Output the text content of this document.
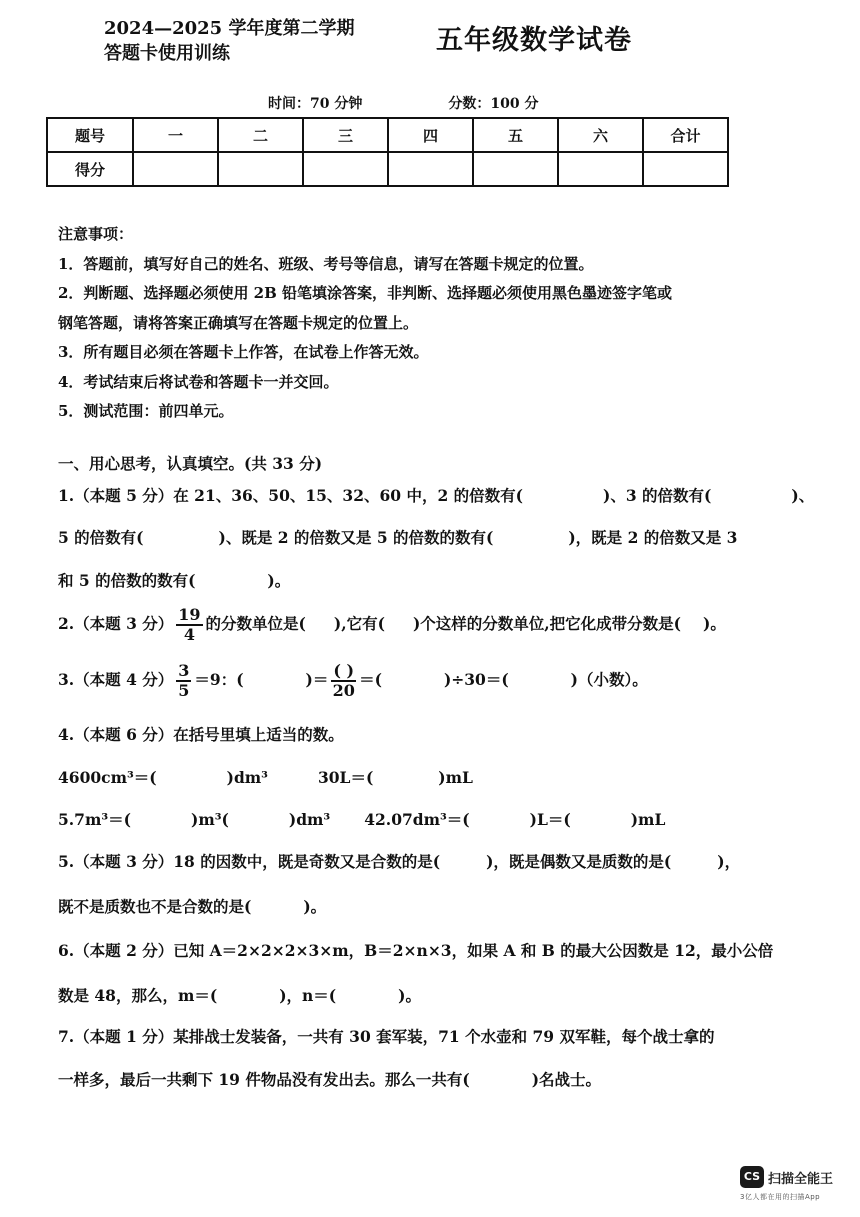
2024—2025 学年度第二学期
答题卡使用训练	五年级数学试卷
时间：70 分钟	分数：100 分
题号	一	二	三	四	五	六	合计
得分							
注意事项：
1．答题前，填写好自己的姓名、班级、考号等信息，请写在答题卡规定的位置。
2．判断题、选择题必须使用 2B 铅笔填涂答案，非判断、选择题必须使用黑色墨迹签字笔或
钢笔答题，请将答案正确填写在答题卡规定的位置上。
3．所有题目必须在答题卡上作答，在试卷上作答无效。
4．考试结束后将试卷和答题卡一并交回。
5．测试范围：前四单元。
一、用心思考，认真填空。(共 33 分)
1.（本题 5 分）在 21、36、50、15、32、60 中，2 的倍数有(	)、3 的倍数有(	)、
5 的倍数有(	)、既是 2 的倍数又是 5 的倍数的数有(	)，既是 2 的倍数又是 3
和 5 的倍数的数有(	)。
2.（本题 3 分） $\frac{19}{4}$ 的分数单位是( ),它有( )个这样的分数单位,把它化成带分数是( )。
3.（本题 4 分） $\frac{3}{5} =9$：(	)＝ $\frac{( )}{20}$ ＝(	)÷30＝(	)（小数）。
4.（本题 6 分）在括号里填上适当的数。
4600cm³＝(	)dm³	30L＝(	)mL
5.7m³＝(	)m³(	)dm³ 42.07dm³＝(	)L＝(	)mL
5.（本题 3 分）18 的因数中，既是奇数又是合数的是(	)，既是偶数又是质数的是(	)，
既不是质数也不是合数的是(	)。
6.（本题 2 分）已知 A＝2×2×2×3×m，B＝2×n×3，如果 A 和 B 的最大公因数是 12，最小公倍
数是 48，那么，m＝(	)，n＝(	)。
7.（本题 1 分）某排战士发装备，一共有 30 套军装，71 个水壶和 79 双军鞋，每个战士拿的
一样多，最后一共剩下 19 件物品没有发出去。那么一共有(	)名战士。
CS 扫描全能王
3亿人都在用的扫描App
